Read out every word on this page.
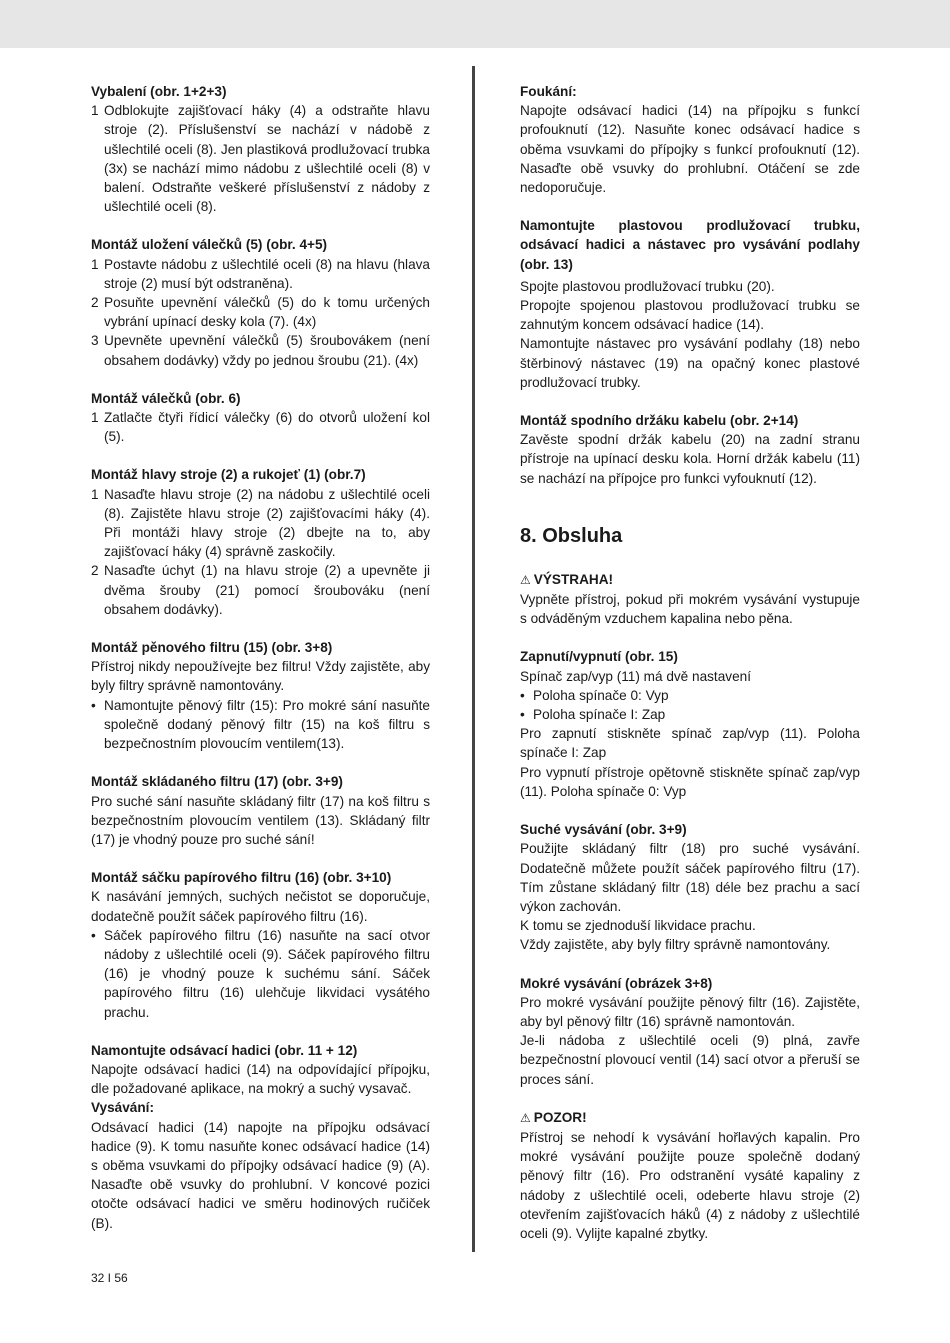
Vybalení (obr. 1+2+3)
1 Odblokujte zajišťovací háky (4) a odstraňte hlavu stroje (2). Příslušenství se nachází v nádobě z ušlechtilé oceli (8). Jen plastiková prodlužovací trubka (3x) se nachází mimo nádobu z ušlechtilé oceli (8) v balení. Odstraňte veškeré příslušenství z nádoby z ušlechtilé oceli (8).
Montáž uložení válečků (5) (obr. 4+5)
1 Postavte nádobu z ušlechtilé oceli (8) na hlavu (hlava stroje (2) musí být odstraněna).
2 Posuňte upevnění válečků (5) do k tomu určených vybrání upínací desky kola (7). (4x)
3 Upevněte upevnění válečků (5) šroubovákem (není obsahem dodávky) vždy po jednou šroubu (21). (4x)
Montáž válečků (obr. 6)
1 Zatlačte čtyři řídicí válečky (6) do otvorů uložení kol (5).
Montáž hlavy stroje (2) a rukojeť (1) (obr.7)
1 Nasaďte hlavu stroje (2) na nádobu z ušlechtilé oceli (8). Zajistěte hlavu stroje (2) zajišťovacími háky (4). Při montáži hlavy stroje (2) dbejte na to, aby zajišťovací háky (4) správně zaskočily.
2 Nasaďte úchyt (1) na hlavu stroje (2) a upevněte ji dvěma šrouby (21) pomocí šroubováku (není obsahem dodávky).
Montáž pěnového filtru (15) (obr. 3+8)
Přístroj nikdy nepoužívejte bez filtru! Vždy zajistěte, aby byly filtry správně namontovány.
• Namontujte pěnový filtr (15): Pro mokré sání nasuňte společně dodaný pěnový filtr (15) na koš filtru s bezpečnostním plovoucím ventilem(13).
Montáž skládaného filtru (17) (obr. 3+9)
Pro suché sání nasuňte skládaný filtr (17) na koš filtru s bezpečnostním plovoucím ventilem (13). Skládaný filtr (17) je vhodný pouze pro suché sání!
Montáž sáčku papírového filtru (16) (obr. 3+10)
K nasávání jemných, suchých nečistot se doporučuje, dodatečně použít sáček papírového filtru (16).
• Sáček papírového filtru (16) nasuňte na sací otvor nádoby z ušlechtilé oceli (9). Sáček papírového filtru (16) je vhodný pouze k suchému sání. Sáček papírového filtru (16) ulehčuje likvidaci vysátého prachu.
Namontujte odsávací hadici (obr. 11 + 12)
Napojte odsávací hadici (14) na odpovídající přípojku, dle požadované aplikace, na mokrý a suchý vysavač.
Vysávání:
Odsávací hadici (14) napojte na přípojku odsávací hadice (9). K tomu nasuňte konec odsávací hadice (14) s oběma vsuvkami do přípojky odsávací hadice (9) (A). Nasaďte obě vsuvky do prohlubní. V koncové pozici otočte odsávací hadici ve směru hodinových ručiček (B).
Foukání:
Napojte odsávací hadici (14) na přípojku s funkcí profouknutí (12). Nasuňte konec odsávací hadice s oběma vsuvkami do přípojky s funkcí profouknutí (12). Nasaďte obě vsuvky do prohlubní. Otáčení se zde nedoporučuje.
Namontujte plastovou prodlužovací trubku, odsávací hadici a nástavec pro vysávání podlahy (obr. 13)
Spojte plastovou prodlužovací trubku (20).
Propojte spojenou plastovou prodlužovací trubku se zahnutým koncem odsávací hadice (14).
Namontujte nástavec pro vysávání podlahy (18) nebo štěrbinový nástavec (19) na opačný konec plastové prodlužovací trubky.
Montáž spodního držáku kabelu (obr. 2+14)
Zavěste spodní držák kabelu (20) na zadní stranu přístroje na upínací desku kola. Horní držák kabelu (11) se nachází na přípojce pro funkci vyfouknutí (12).
8. Obsluha
⚠ VÝSTRAHA!
Vypněte přístroj, pokud při mokrém vysávání vystupuje s odváděným vzduchem kapalina nebo pěna.
Zapnutí/vypnutí (obr. 15)
Spínač zap/vyp (11) má dvě nastavení
• Poloha spínače 0: Vyp
• Poloha spínače I: Zap
Pro zapnutí stiskněte spínač zap/vyp (11). Poloha spínače I: Zap
Pro vypnutí přístroje opětovně stiskněte spínač zap/vyp (11). Poloha spínače 0: Vyp
Suché vysávání (obr. 3+9)
Použijte skládaný filtr (18) pro suché vysávání. Dodatečně můžete použít sáček papírového filtru (17). Tím zůstane skládaný filtr (18) déle bez prachu a sací výkon zachován.
K tomu se zjednoduší likvidace prachu.
Vždy zajistěte, aby byly filtry správně namontovány.
Mokré vysávání (obrázek 3+8)
Pro mokré vysávání použijte pěnový filtr (16). Zajistěte, aby byl pěnový filtr (16) správně namontován.
Je-li nádoba z ušlechtilé oceli (9) plná, zavře bezpečnostní plovoucí ventil (14) sací otvor a přeruší se proces sání.
⚠ POZOR!
Přístroj se nehodí k vysávání hořlavých kapalin. Pro mokré vysávání použijte pouze společně dodaný pěnový filtr (16). Pro odstranění vysáté kapaliny z nádoby z ušlechtilé oceli, odeberte hlavu stroje (2) otevřením zajišťovacích háků (4) z nádoby z ušlechtilé oceli (9). Vylijte kapalné zbytky.
32 I 56
